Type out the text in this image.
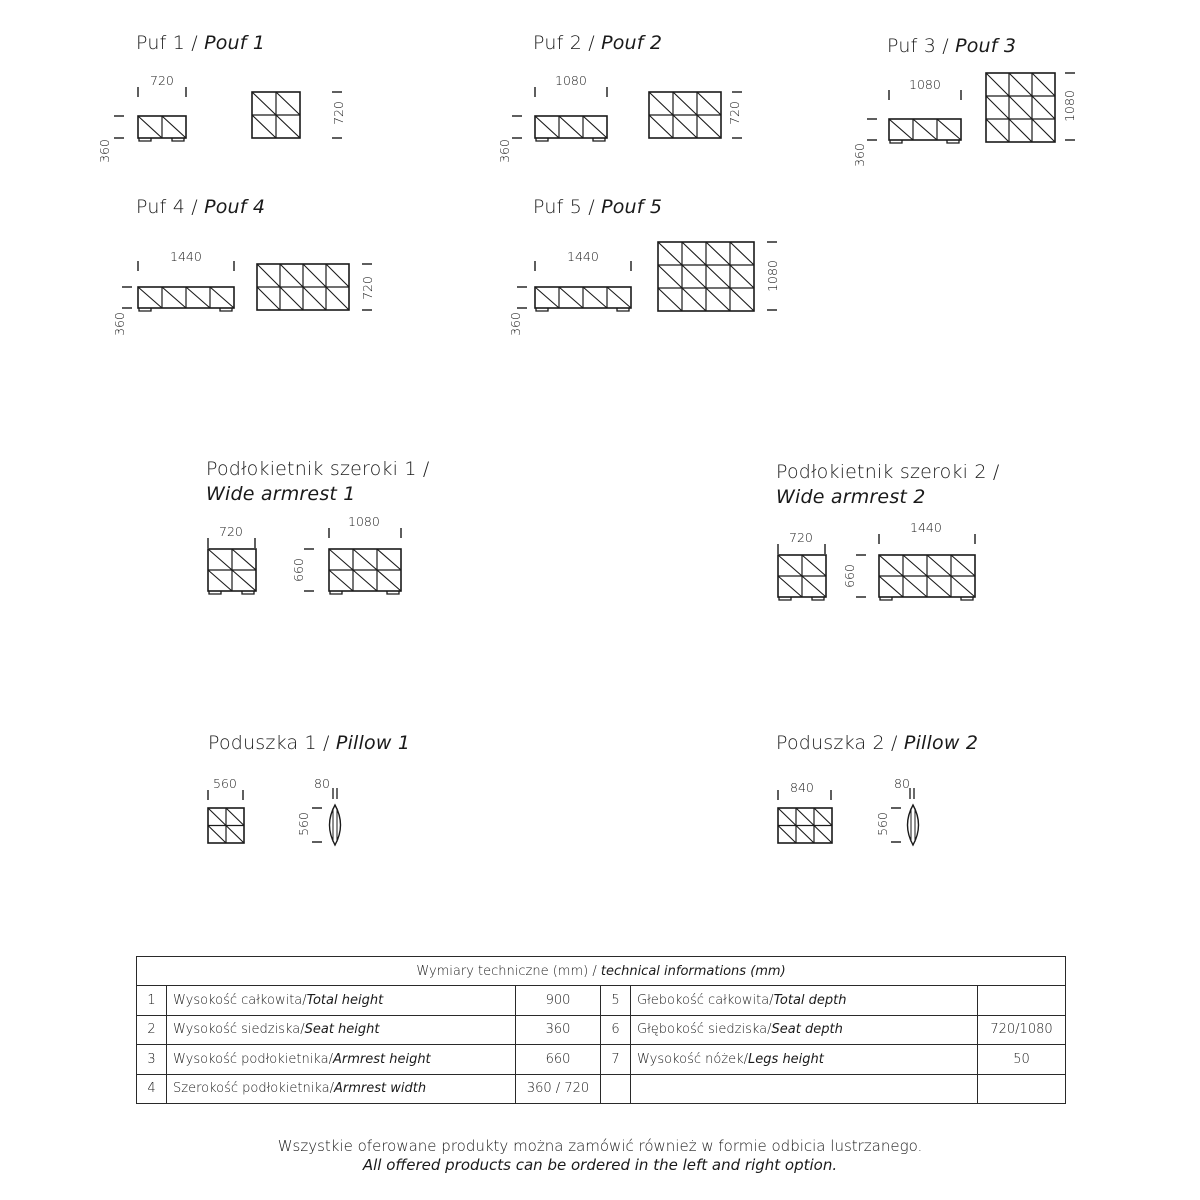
Puf 1 / Pouf 1	Puf 2 / Pouf 2	Puf 3 / Pouf 3
Puf 4 / Pouf 4	Puf 5 / Pouf 5
Podłokietnik szeroki 1 /
Wide armrest 1
Podłokietnik szeroki 2 /
Wide armrest 2
Poduszka 1 / Pillow 1	Poduszka 2 / Pillow 2
720
360
720
1080
360
720
1080
360
1080
1440
360
720
1440
360
1080
720
1080
660
720
1440
660
560	80
560
840	80
560
Wymiary techniczne (mm) / technical informations (mm)					
1	Wysokość całkowita/Total height	900	5	Głebokość całkowita/Total depth	
2	Wysokość siedziska/Seat height	360	6	Głębokość siedziska/Seat depth	720/1080
3	Wysokość podłokietnika/Armrest height	660	7	Wysokość nóżek/Legs height	50
4	Szerokość podłokietnika/Armrest width	360 / 720			
Wszystkie oferowane produkty można zamówić również w formie odbicia lustrzanego.
All offered products can be ordered in the left and right option.
